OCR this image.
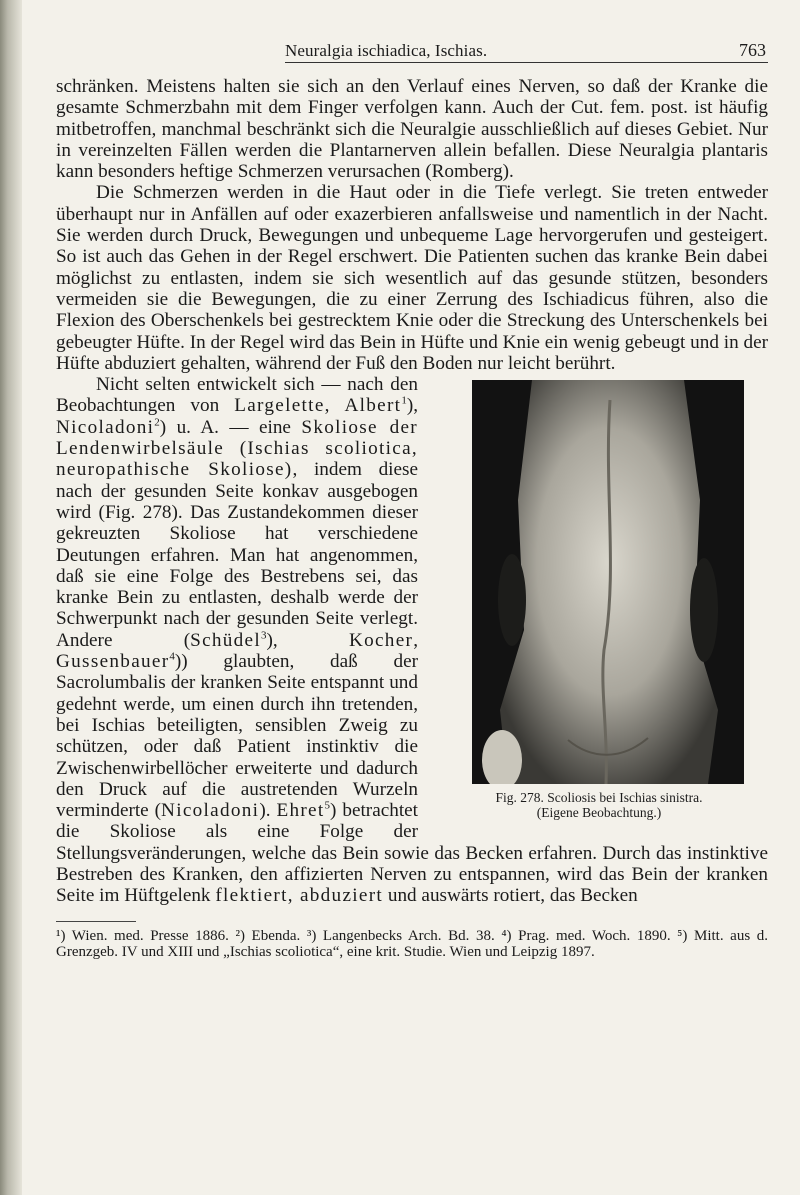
Neuralgia ischiadica, Ischias.	763

schränken. Meistens halten sie sich an den Verlauf eines Nerven, so daß der Kranke die gesamte Schmerzbahn mit dem Finger verfolgen kann. Auch der Cut. fem. post. ist häufig mitbetroffen, manchmal beschränkt sich die Neuralgie ausschließlich auf dieses Gebiet. Nur in vereinzelten Fällen werden die Plantarnerven allein befallen. Diese Neuralgia plantaris kann besonders heftige Schmerzen verursachen (Romberg).

Die Schmerzen werden in die Haut oder in die Tiefe verlegt. Sie treten entweder überhaupt nur in Anfällen auf oder exazerbieren anfallsweise und namentlich in der Nacht. Sie werden durch Druck, Bewegungen und unbequeme Lage hervorgerufen und gesteigert. So ist auch das Gehen in der Regel erschwert. Die Patienten suchen das kranke Bein dabei möglichst zu entlasten, indem sie sich wesentlich auf das gesunde stützen, besonders vermeiden sie die Bewegungen, die zu einer Zerrung des Ischiadicus führen, also die Flexion des Oberschenkels bei gestrecktem Knie oder die Streckung des Unterschenkels bei gebeugter Hüfte. In der Regel wird das Bein in Hüfte und Knie ein wenig gebeugt und in der Hüfte abduziert gehalten, während der Fuß den Boden nur leicht berührt.

Fig. 278. Scoliosis bei Ischias sinistra.
(Eigene Beobachtung.)

Nicht selten entwickelt sich — nach den Beobachtungen von Largelette, Albert$^1$), Nicoladoni$^2$) u. A. — eine Skoliose der Lendenwirbelsäule (Ischias scoliotica, neuropathische Skoliose), indem diese nach der gesunden Seite konkav ausgebogen wird (Fig. 278). Das Zustandekommen dieser gekreuzten Skoliose hat verschiedene Deutungen erfahren. Man hat angenommen, daß sie eine Folge des Bestrebens sei, das kranke Bein zu entlasten, deshalb werde der Schwerpunkt nach der gesunden Seite verlegt. Andere (Schüdel$^3$), Kocher, Gussenbauer$^4$)) glaubten, daß der Sacrolumbalis der kranken Seite entspannt und gedehnt werde, um einen durch ihn tretenden, bei Ischias beteiligten, sensiblen Zweig zu schützen, oder daß Patient instinktiv die Zwischenwirbellöcher erweiterte und dadurch den Druck auf die austretenden Wurzeln verminderte (Nicoladoni). Ehret$^5$) betrachtet die Skoliose als eine Folge der Stellungsveränderungen, welche das Bein sowie das Becken erfahren. Durch das instinktive Bestreben des Kranken, den affizierten Nerven zu entspannen, wird das Bein der kranken Seite im Hüftgelenk flektiert, abduziert und auswärts rotiert, das Becken

¹) Wien. med. Presse 1886. ²) Ebenda. ³) Langenbecks Arch. Bd. 38. ⁴) Prag. med. Woch. 1890. ⁵) Mitt. aus d. Grenzgeb. IV und XIII und „Ischias scoliotica“, eine krit. Studie. Wien und Leipzig 1897.
